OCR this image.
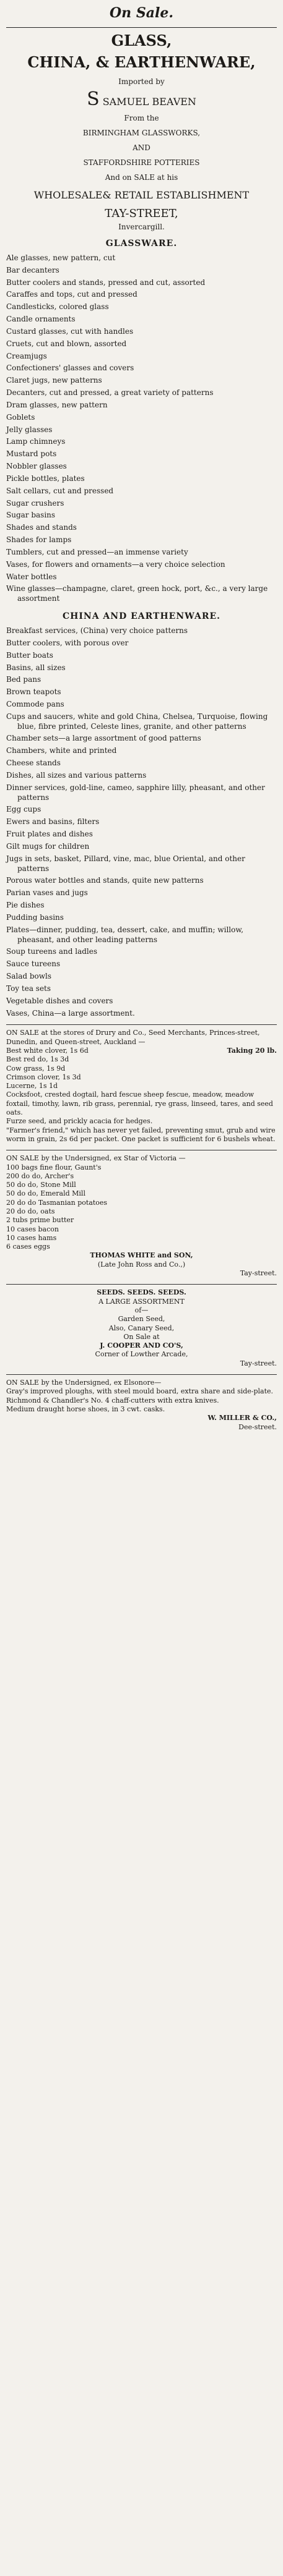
On Sale.
GLASS,
CHINA, & EARTHENWARE,
Imported by
S SAMUEL BEAVEN
From the
BIRMINGHAM GLASSWORKS,
AND
STAFFORDSHIRE POTTERIES
And on SALE at his
WHOLESALE& RETAIL ESTABLISHMENT
TAY-STREET,
Invercargill.
GLASSWARE.
Ale glasses, new pattern, cut
Bar decanters
Butter coolers and stands, pressed and cut, assorted
Caraffes and tops, cut and pressed
Candlesticks, colored glass
Candle ornaments
Custard glasses, cut with handles
Cruets, cut and blown, assorted
Creamjugs
Confectioners' glasses and covers
Claret jugs, new patterns
Decanters, cut and pressed, a great variety of patterns
Dram glasses, new pattern
Goblets
Jelly glasses
Lamp chimneys
Mustard pots
Nobbler glasses
Pickle bottles, plates
Salt cellars, cut and pressed
Sugar crushers
Sugar basins
Shades and stands
Shades for lamps
Tumblers, cut and pressed—an immense variety
Vases, for flowers and ornaments—a very choice selection
Water bottles
Wine glasses—champagne, claret, green hock, port, &c., a very large assortment
CHINA AND EARTHENWARE.
Breakfast services, (China) very choice patterns
Butter coolers, with porous over
Butter boats
Basins, all sizes
Bed pans
Brown teapots
Commode pans
Cups and saucers, white and gold China, Chelsea, Turquoise, flowing blue, fibre printed, Celeste lines, granite, and other patterns
Chamber sets—a large assortment of good patterns
Chambers, white and printed
Cheese stands
Dishes, all sizes and various patterns
Dinner services, gold-line, cameo, sapphire lilly, pheasant, and other patterns
Egg cups
Ewers and basins, filters
Fruit plates and dishes
Gilt mugs for children
Jugs in sets, basket, Pillard, vine, mac, blue Oriental, and other patterns
Porous water bottles and stands, quite new patterns
Parian vases and jugs
Pie dishes
Pudding basins
Plates—dinner, pudding, tea, dessert, cake, and muffin; willow, pheasant, and other leading patterns
Soup tureens and ladles
Sauce tureens
Salad bowls
Toy tea sets
Vegetable dishes and covers
Vases, China—a large assortment.
ON SALE at the stores of Drury and Co., Seed Merchants, Princes-street, Dunedin, and Queen-street, Auckland —
Best white clover, 1s 6d
Best red do, 1s 3d
Cow grass, 1s 9d
Crimson clover, 1s 3d
Lucerne, 1s 1d
Taking 20 lb.
Cocksfoot, crested dogtail, hard fescue sheep fescue, meadow, meadow foxtail, timothy, lawn, rib grass, perennial, rye grass, linseed, tares, and seed oats.
Furze seed, and prickly acacia for hedges.
"Farmer's friend," which has never yet failed, preventing smut, grub and wire worm in grain, 2s 6d per packet. One packet is sufficient for 6 bushels wheat.
ON SALE by the Undersigned, ex Star of Victoria —
100 bags fine flour, Gaunt's
200 do do, Archer's
50 do do, Stone Mill
50 do do, Emerald Mill
20 do do Tasmanian potatoes
20 do do, oats
2 tubs prime butter
10 cases bacon
10 cases hams
6 cases eggs
THOMAS WHITE and SON,
(Late John Ross and Co.,)
Tay-street.
SEEDS. SEEDS. SEEDS.
A LARGE ASSORTMENT
of—
Garden Seed,
Also, Canary Seed,
On Sale at
J. COOPER AND CO'S,
Corner of Lowther Arcade,
Tay-street.
ON SALE by the Undersigned, ex Elsonore—
Gray's improved ploughs, with steel mould board, extra share and side-plate.
Richmond & Chandler's No. 4 chaff-cutters with extra knives.
Medium draught horse shoes, in 3 cwt. casks.
W. MILLER & CO.,
Dee-street.
